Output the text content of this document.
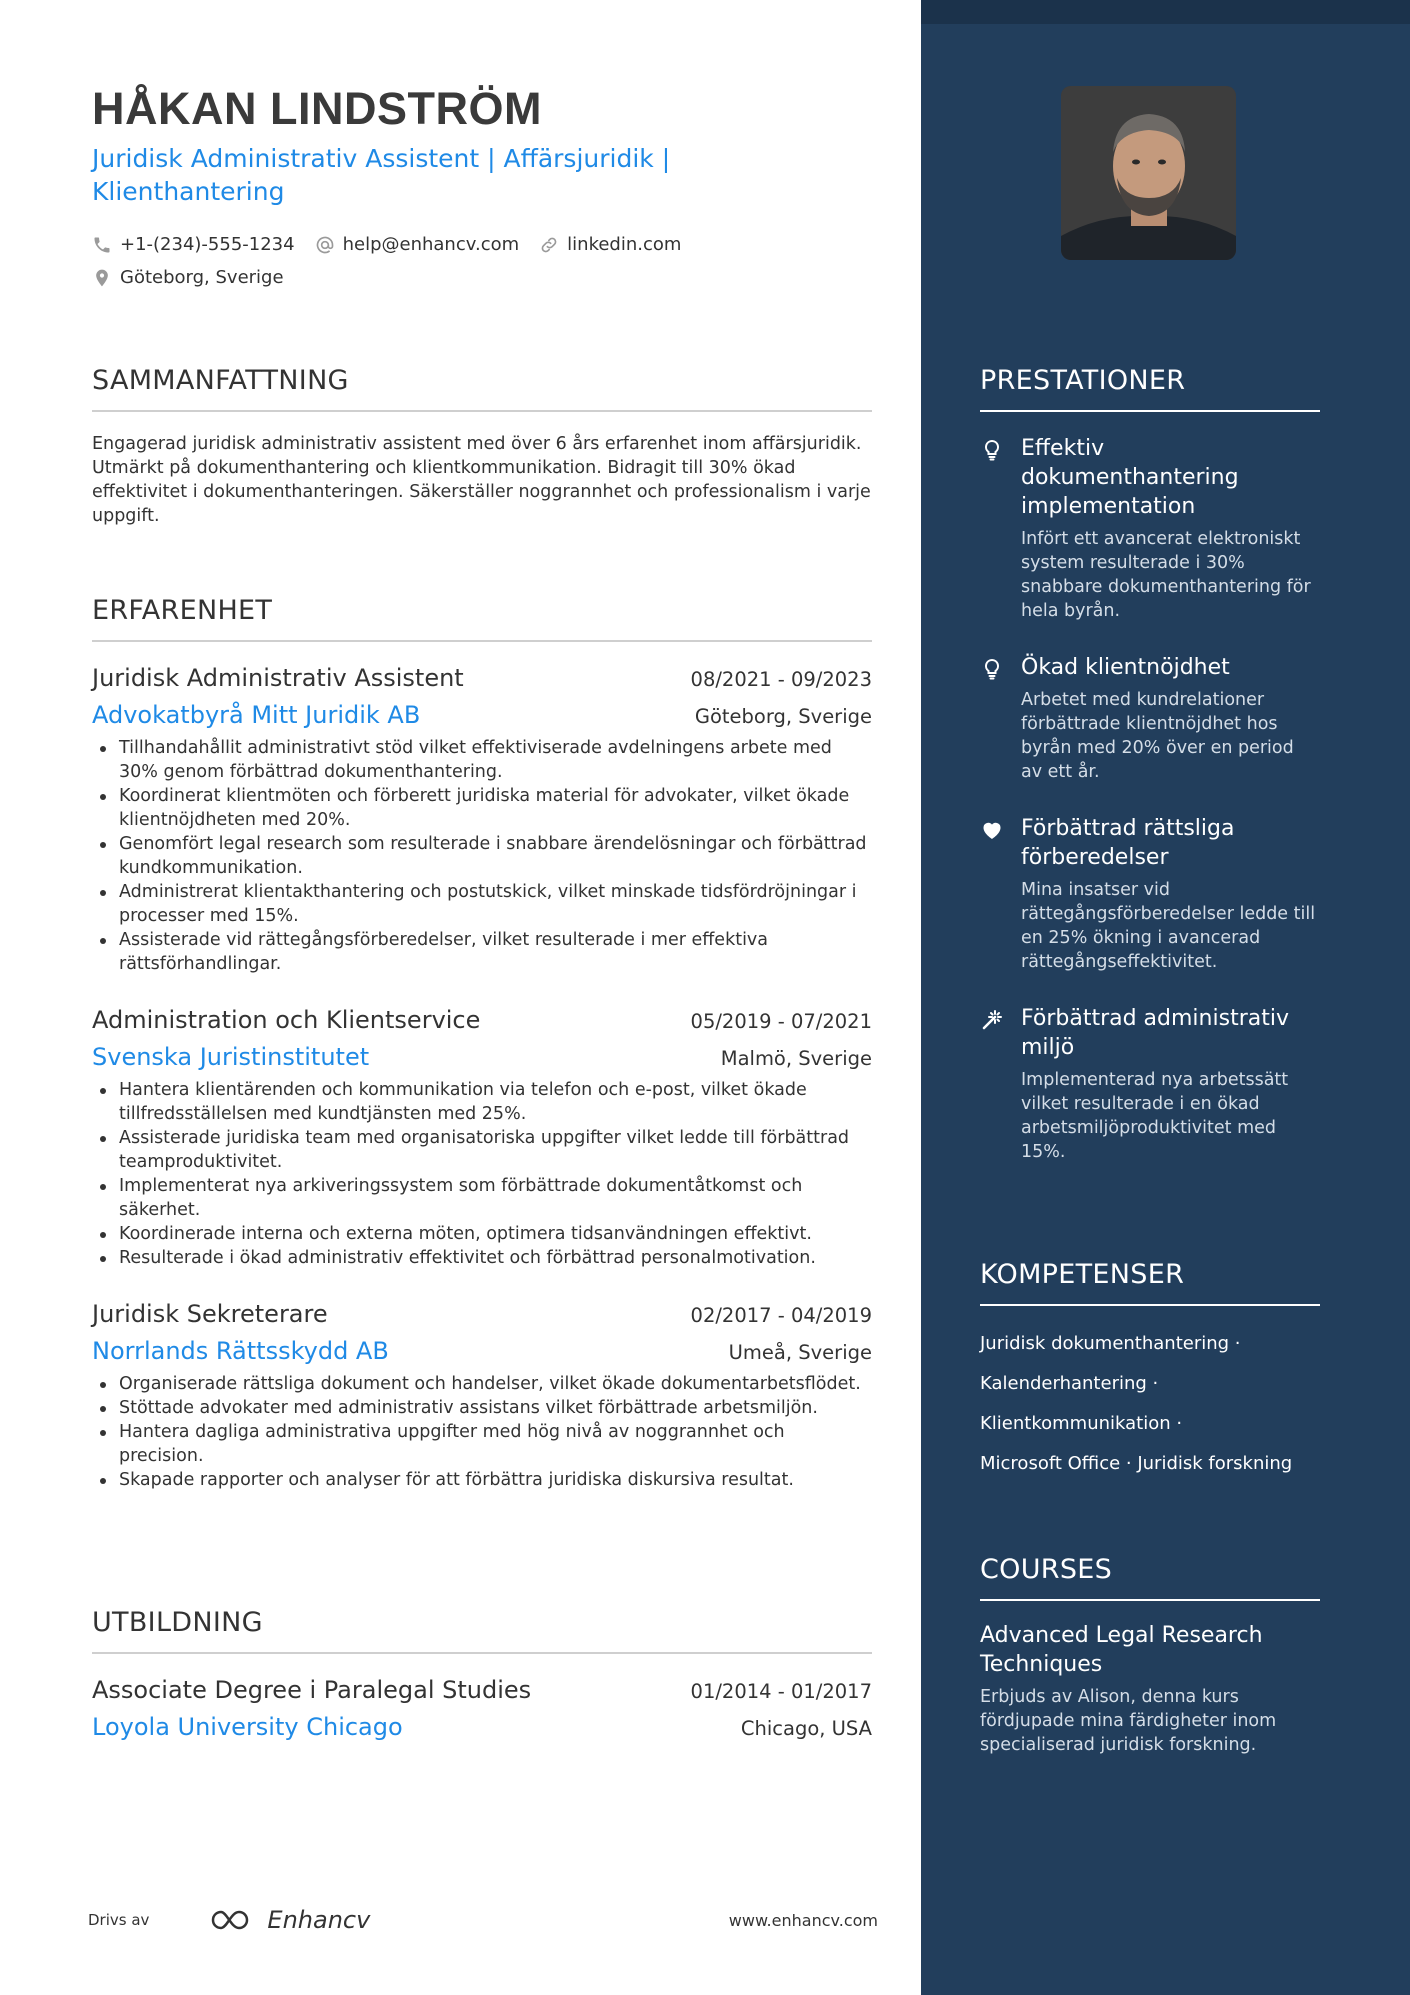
HÅKAN LINDSTRÖM
Juridisk Administrativ Assistent | Affärsjuridik | Klienthantering
+1-(234)-555-1234	help@enhancv.com	linkedin.com
Göteborg, Sverige
SAMMANFATTNING
Engagerad juridisk administrativ assistent med över 6 års erfarenhet inom affärsjuridik. Utmärkt på dokumenthantering och klientkommunikation. Bidragit till 30% ökad effektivitet i dokumenthanteringen. Säkerställer noggrannhet och professionalism i varje uppgift.
ERFARENHET
Juridisk Administrativ Assistent	08/2021 - 09/2023
Advokatbyrå Mitt Juridik AB	Göteborg, Sverige
Tillhandahållit administrativt stöd vilket effektiviserade avdelningens arbete med 30% genom förbättrad dokumenthantering.
Koordinerat klientmöten och förberett juridiska material för advokater, vilket ökade klientnöjdheten med 20%.
Genomfört legal research som resulterade i snabbare ärendelösningar och förbättrad kundkommunikation.
Administrerat klientakthantering och postutskick, vilket minskade tidsfördröjningar i processer med 15%.
Assisterade vid rättegångsförberedelser, vilket resulterade i mer effektiva rättsförhandlingar.
Administration och Klientservice	05/2019 - 07/2021
Svenska Juristinstitutet	Malmö, Sverige
Hantera klientärenden och kommunikation via telefon och e-post, vilket ökade tillfredsställelsen med kundtjänsten med 25%.
Assisterade juridiska team med organisatoriska uppgifter vilket ledde till förbättrad teamproduktivitet.
Implementerat nya arkiveringssystem som förbättrade dokumentåtkomst och säkerhet.
Koordinerade interna och externa möten, optimera tidsanvändningen effektivt.
Resulterade i ökad administrativ effektivitet och förbättrad personalmotivation.
Juridisk Sekreterare	02/2017 - 04/2019
Norrlands Rättsskydd AB	Umeå, Sverige
Organiserade rättsliga dokument och handelser, vilket ökade dokumentarbetsflödet.
Stöttade advokater med administrativ assistans vilket förbättrade arbetsmiljön.
Hantera dagliga administrativa uppgifter med hög nivå av noggrannhet och precision.
Skapade rapporter och analyser för att förbättra juridiska diskursiva resultat.
UTBILDNING
Associate Degree i Paralegal Studies	01/2014 - 01/2017
Loyola University Chicago	Chicago, USA
Drivs av	Enhancv	www.enhancv.com
PRESTATIONER
Effektiv dokumenthantering implementation
Infört ett avancerat elektroniskt system resulterade i 30% snabbare dokumenthantering för hela byrån.
Ökad klientnöjdhet
Arbetet med kundrelationer förbättrade klientnöjdhet hos byrån med 20% över en period av ett år.
Förbättrad rättsliga förberedelser
Mina insatser vid rättegångsförberedelser ledde till en 25% ökning i avancerad rättegångseffektivitet.
Förbättrad administrativ miljö
Implementerad nya arbetssätt vilket resulterade i en ökad arbetsmiljöproduktivitet med 15%.
KOMPETENSER
Juridisk dokumenthantering ·
Kalenderhantering ·
Klientkommunikation ·
Microsoft Office · Juridisk forskning
COURSES
Advanced Legal Research Techniques
Erbjuds av Alison, denna kurs fördjupade mina färdigheter inom specialiserad juridisk forskning.
